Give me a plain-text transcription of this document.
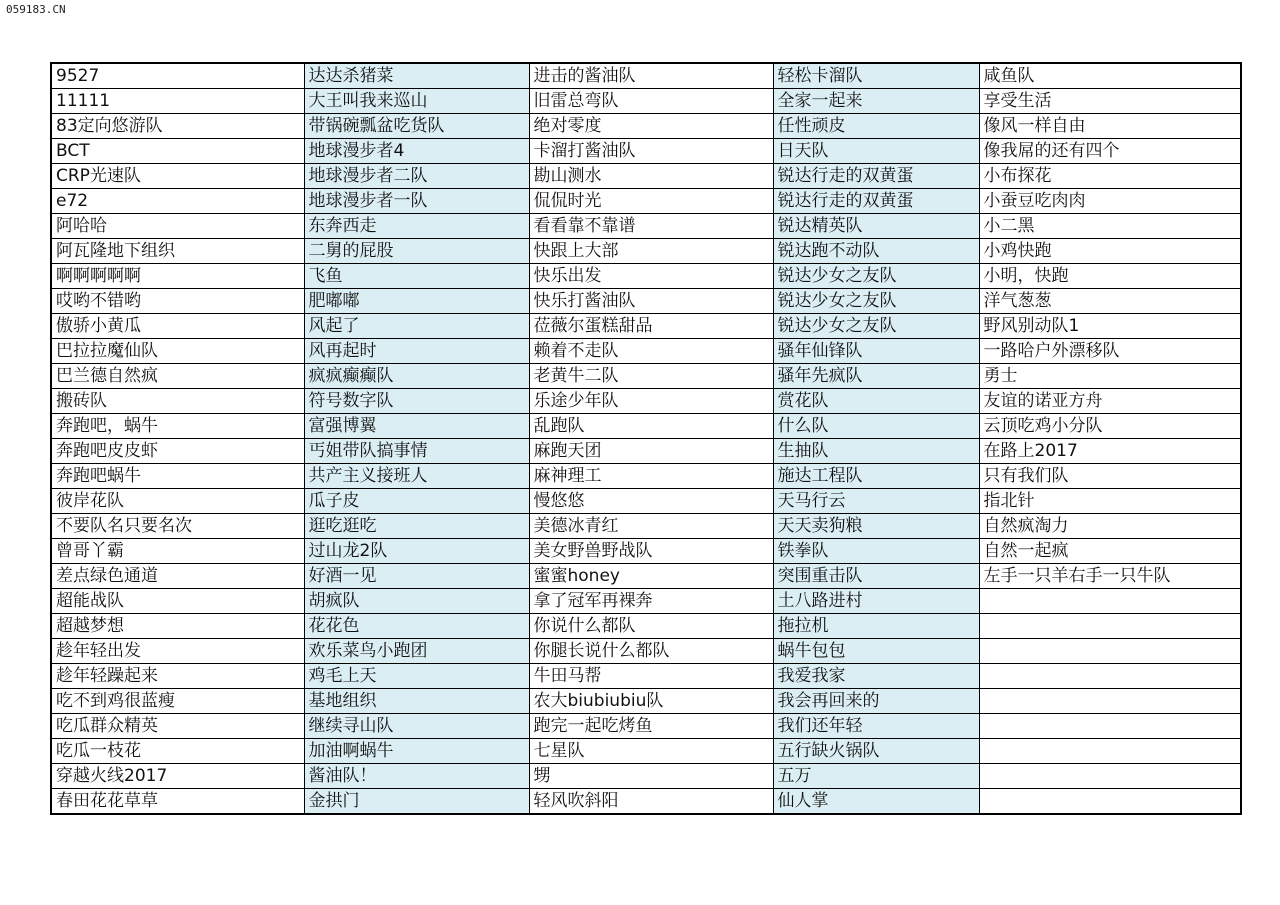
059183.CN
9527	达达杀猪菜	进击的酱油队	轻松卡溜队	咸鱼队
11111	大王叫我来巡山	旧雷总弯队	全家一起来	享受生活
83定向悠游队	带锅碗瓢盆吃货队	绝对零度	任性顽皮	像风一样自由
BCT	地球漫步者4	卡溜打酱油队	日天队	像我屌的还有四个
CRP光速队	地球漫步者二队	勘山测水	锐达行走的双黄蛋	小布探花
e72	地球漫步者一队	侃侃时光	锐达行走的双黄蛋	小蚕豆吃肉肉
阿哈哈	东奔西走	看看靠不靠谱	锐达精英队	小二黑
阿瓦隆地下组织	二舅的屁股	快跟上大部	锐达跑不动队	小鸡快跑
啊啊啊啊啊	飞鱼	快乐出发	锐达少女之友队	小明，快跑
哎哟不错哟	肥嘟嘟	快乐打酱油队	锐达少女之友队	洋气葱葱
傲骄小黄瓜	风起了	莅薇尔蛋糕甜品	锐达少女之友队	野风别动队1
巴拉拉魔仙队	风再起时	赖着不走队	骚年仙锋队	一路哈户外漂移队
巴兰德自然疯	疯疯癫癫队	老黄牛二队	骚年先疯队	勇士
搬砖队	符号数字队	乐途少年队	赏花队	友谊的诺亚方舟
奔跑吧，蜗牛	富强博翼	乱跑队	什么队	云顶吃鸡小分队
奔跑吧皮皮虾	丐姐带队搞事情	麻跑天团	生抽队	在路上2017
奔跑吧蜗牛	共产主义接班人	麻神理工	施达工程队	只有我们队
彼岸花队	瓜子皮	慢悠悠	天马行云	指北针
不要队名只要名次	逛吃逛吃	美德冰青红	天天卖狗粮	自然疯淘力
曾哥丫霸	过山龙2队	美女野兽野战队	铁拳队	自然一起疯
差点绿色通道	好酒一见	蜜蜜honey	突围重击队	左手一只羊右手一只牛队
超能战队	胡疯队	拿了冠军再裸奔	土八路进村	
超越梦想	花花色	你说什么都队	拖拉机	
趁年轻出发	欢乐菜鸟小跑团	你腿长说什么都队	蜗牛包包	
趁年轻躁起来	鸡毛上天	牛田马帮	我爱我家	
吃不到鸡很蓝瘦	基地组织	农大biubiubiu队	我会再回来的	
吃瓜群众精英	继续寻山队	跑完一起吃烤鱼	我们还年轻	
吃瓜一枝花	加油啊蜗牛	七星队	五行缺火锅队	
穿越火线2017	酱油队！	甥	五万	
春田花花草草	金拱门	轻风吹斜阳	仙人掌	
